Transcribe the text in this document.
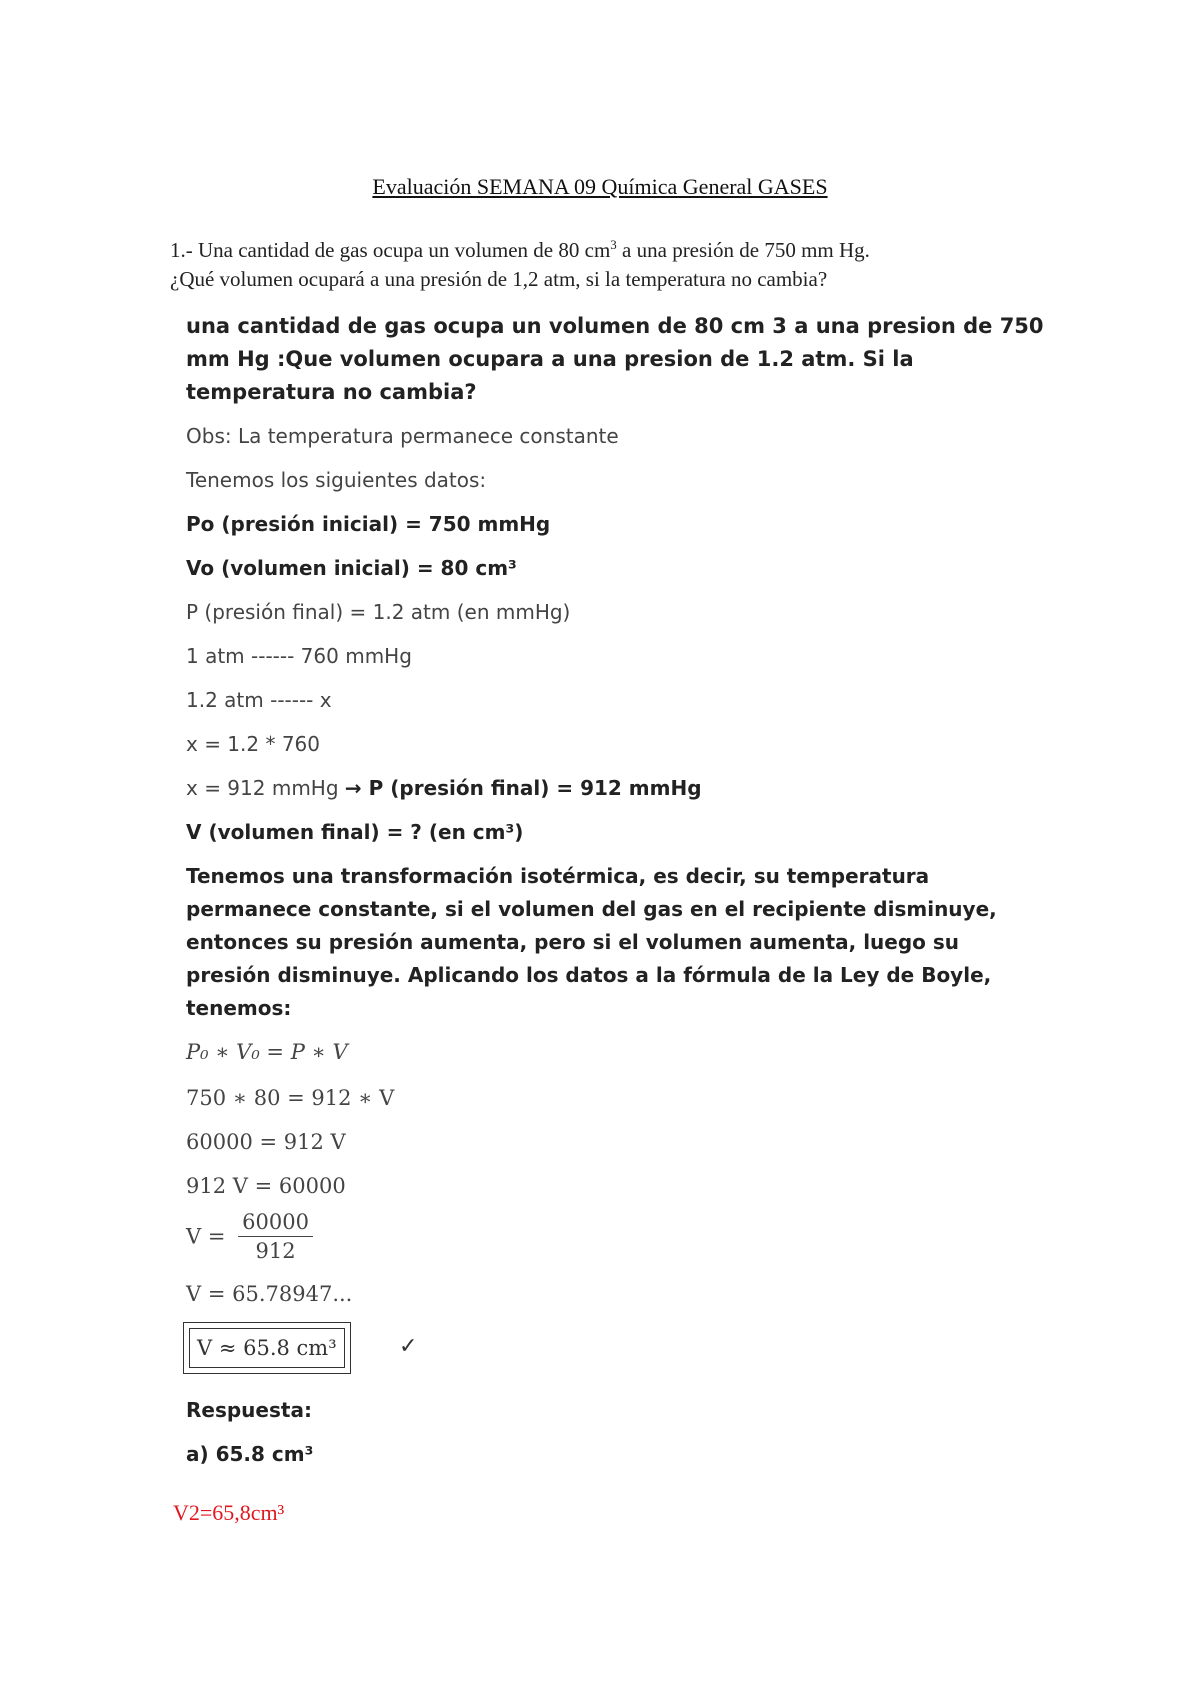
Evaluación SEMANA 09 Química General GASES
1.- Una cantidad de gas ocupa un volumen de 80 $cm^3$ a una presión de 750 mm Hg.
¿Qué volumen ocupará a una presión de 1,2 atm, si la temperatura no cambia?
una cantidad de gas ocupa un volumen de 80 cm 3 a una presion de 750 mm Hg :Que volumen ocupara a una presion de 1.2 atm. Si la temperatura no cambia?
Obs: La temperatura permanece constante
Tenemos los siguientes datos:
Po (presión inicial) = 750 mmHg
Vo (volumen inicial) = 80 cm³
P (presión final) = 1.2 atm (en mmHg)
1 atm ------ 760 mmHg
1.2 atm ------ x
x = 1.2 * 760
x = 912 mmHg → P (presión final) = 912 mmHg
V (volumen final) = ? (en cm³)
Tenemos una transformación isotérmica, es decir, su temperatura permanece constante, si el volumen del gas en el recipiente disminuye, entonces su presión aumenta, pero si el volumen aumenta, luego su presión disminuye. Aplicando los datos a la fórmula de la Ley de Boyle, tenemos:
P₀ ∗ V₀ = P ∗ V
750 ∗ 80 = 912 ∗ V
60000 = 912 V
912 V = 60000
$V = \frac{60000}{912}$
V = 65.78947...
V ≈ 65.8 cm³	✓
Respuesta:
a) 65.8 cm³
V2=65,8cm³
